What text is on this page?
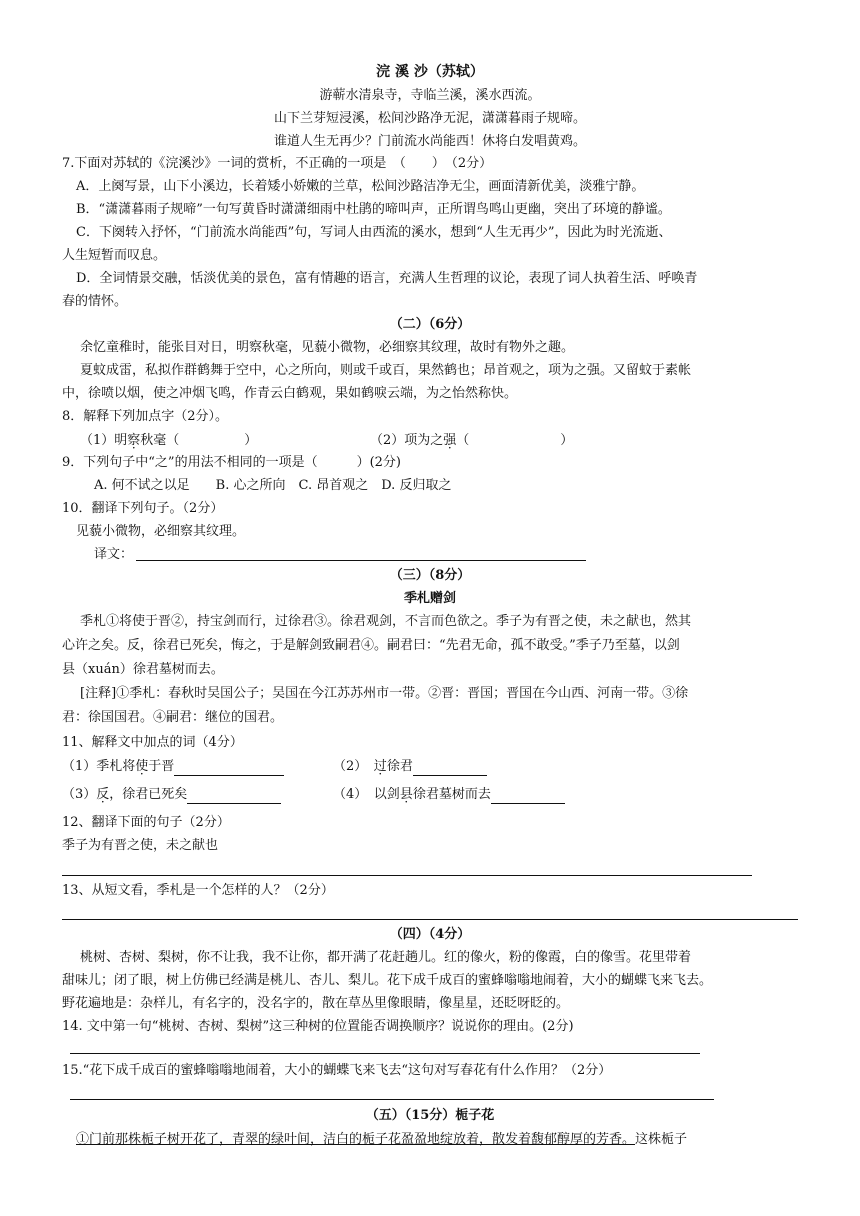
浣 溪 沙（苏轼）
游蕲水清泉寺，寺临兰溪，溪水西流。
山下兰芽短浸溪，松间沙路净无泥，潇潇暮雨子规啼。
谁道人生无再少？门前流水尚能西！休将白发唱黄鸡。
7.下面对苏轼的《浣溪沙》一词的赏析，不正确的一项是　（　　）　（2分）
A．上阕写景，山下小溪边，长着矮小娇嫩的兰草，松间沙路洁净无尘，画面清新优美，淡雅宁静。
B．“潇潇暮雨子规啼”一句写黄昏时潇潇细雨中杜鹃的啼叫声，正所谓鸟鸣山更幽，突出了环境的静谧。
C．下阕转入抒怀，“门前流水尚能西”句，写词人由西流的溪水，想到“人生无再少”，因此为时光流逝、
人生短暂而叹息。
D．全词情景交融，恬淡优美的景色，富有情趣的语言，充满人生哲理的议论，表现了词人执着生活、呼唤青
春的情怀。
（二）（6分）
余忆童稚时，能张目对日，明察秋毫，见藐小微物，必细察其纹理，故时有物外之趣。
夏蚊成雷，私拟作群鹤舞于空中，心之所向，则或千或百，果然鹤也；昂首观之，项为之强。又留蚊于素帐
中，徐喷以烟，使之冲烟飞鸣，作青云白鹤观，果如鹤唳云端，为之怡然称快。
8．解释下列加点字（2分）。
（1）明察秋毫（　　　　　）	（2）项为之强（　　　　　　　）
9．下列句子中“之”的用法不相同的一项是（　　　）(2分)
A. 何不试之以足　　B. 心之所向　C. 昂首观之　D. 反归取之
10．翻译下列句子。（2分）
见藐小微物，必细察其纹理。
译文：
（三）（8分）
季札赠剑
季札①将使于晋②，持宝剑而行，过徐君③。徐君观剑，不言而色欲之。季子为有晋之使，未之献也，然其
心许之矣。反，徐君已死矣，悔之，于是解剑致嗣君④。嗣君曰：“先君无命，孤不敢受。”季子乃至墓，以剑
县（xuán）徐君墓树而去。
[注释]①季札：春秋时吴国公子；吴国在今江苏苏州市一带。②晋：晋国；晋国在今山西、河南一带。③徐
君：徐国国君。④嗣君：继位的国君。
11、解释文中加点的词（4分）
（1）季札将使于晋	（2）　 过徐君
（3）反，徐君已死矣	（4）　 以剑县徐君墓树而去
12、翻译下面的句子（2分）
季子为有晋之使，未之献也
13、从短文看，季札是一个怎样的人？（2分）
（四）（4分）
桃树、杏树、梨树，你不让我，我不让你，都开满了花赶趟儿。红的像火，粉的像霞，白的像雪。花里带着
甜味儿；闭了眼，树上仿佛已经满是桃儿、杏儿、梨儿。花下成千成百的蜜蜂嗡嗡地闹着，大小的蝴蝶飞来飞去。
野花遍地是：杂样儿，有名字的，没名字的，散在草丛里像眼睛，像星星，还眨呀眨的。
14. 文中第一句“桃树、杏树、梨树”这三种树的位置能否调换顺序？说说你的理由。(2分)
15.“花下成千成百的蜜蜂嗡嗡地闹着，大小的蝴蝶飞来飞去“这句对写春花有什么作用？（2分）
（五）（15分）栀子花
①门前那株栀子树开花了，青翠的绿叶间，洁白的栀子花盈盈地绽放着，散发着馥郁醇厚的芳香。这株栀子
